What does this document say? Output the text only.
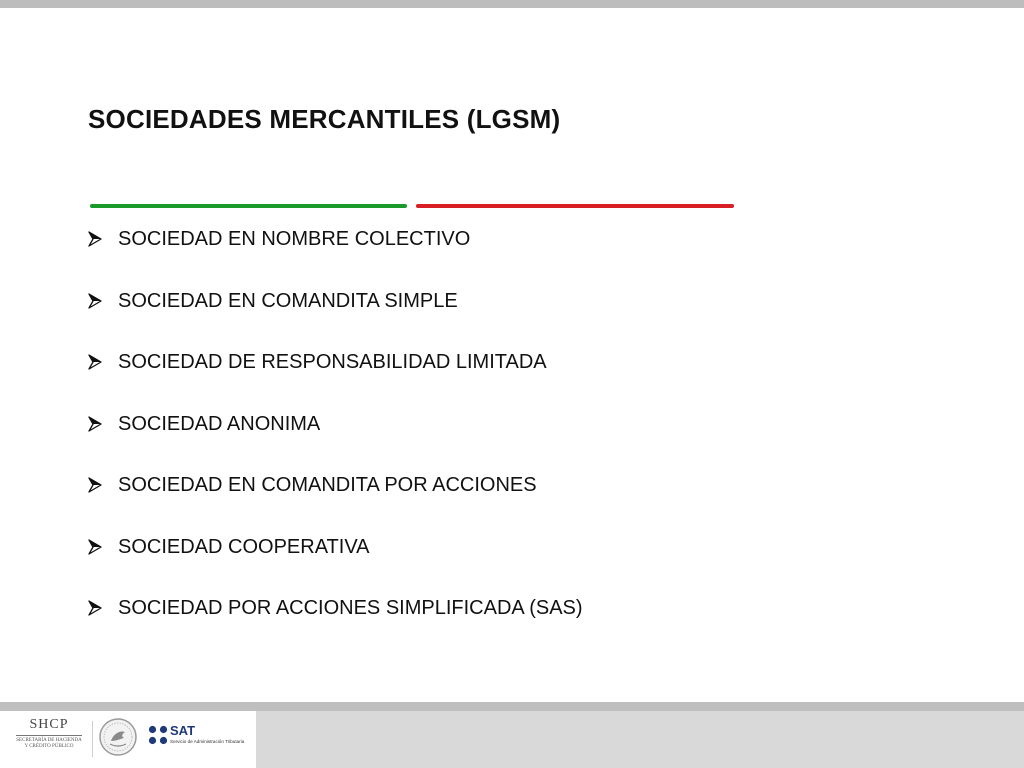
SOCIEDADES MERCANTILES (LGSM)
SOCIEDAD EN NOMBRE COLECTIVO
SOCIEDAD EN COMANDITA SIMPLE
SOCIEDAD DE RESPONSABILIDAD LIMITADA
SOCIEDAD ANONIMA
SOCIEDAD EN COMANDITA POR ACCIONES
SOCIEDAD COOPERATIVA
SOCIEDAD POR ACCIONES SIMPLIFICADA (SAS)
SHCP
SECRETARÍA DE HACIENDA
Y CRÉDITO PÚBLICO
SAT
Servicio de Administración Tributaria
